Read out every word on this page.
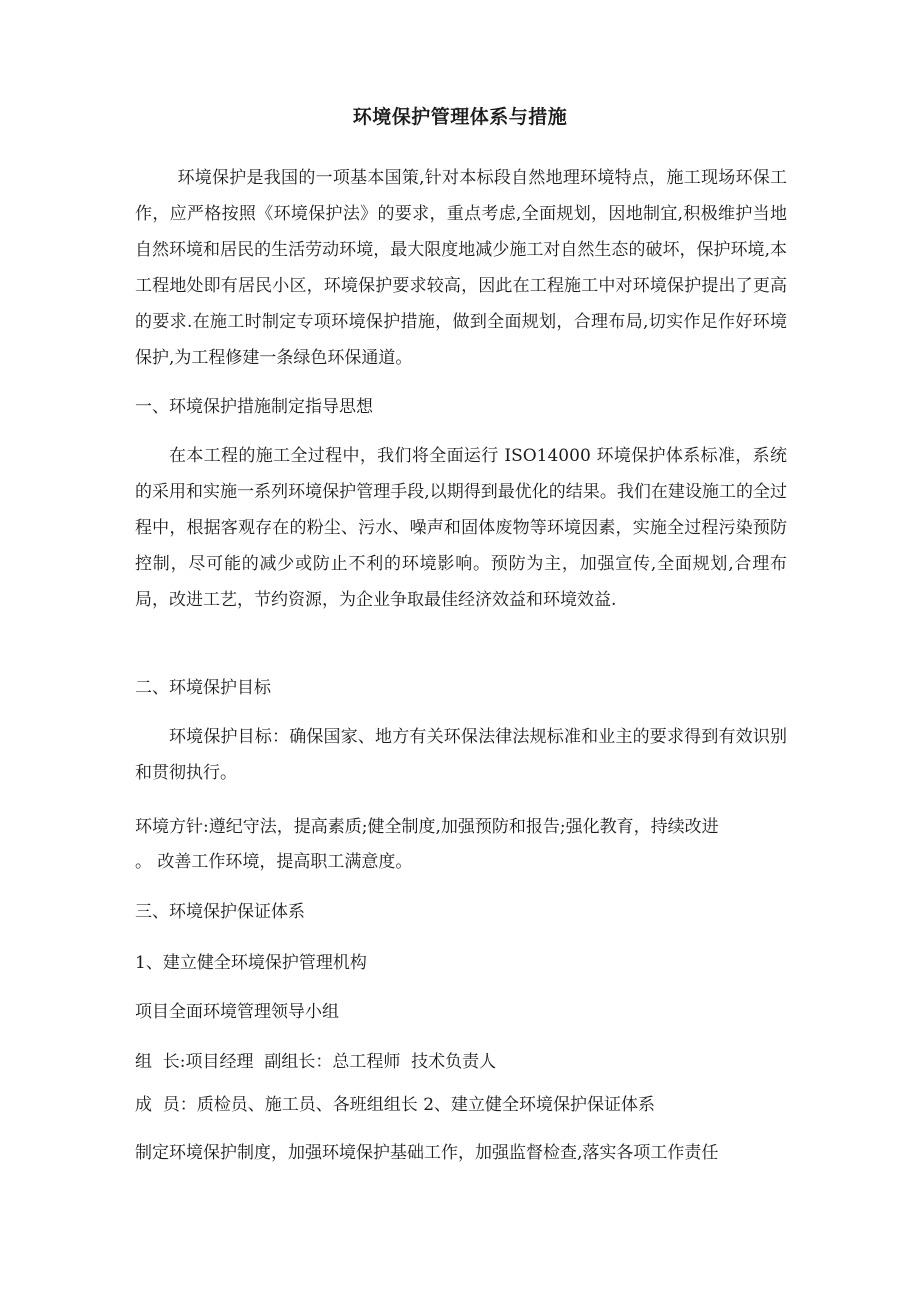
环境保护管理体系与措施
环境保护是我国的一项基本国策,针对本标段自然地理环境特点，施工现场环保工作，应严格按照《环境保护法》的要求，重点考虑,全面规划，因地制宜,积极维护当地自然环境和居民的生活劳动环境，最大限度地减少施工对自然生态的破坏，保护环境,本工程地处即有居民小区，环境保护要求较高，因此在工程施工中对环境保护提出了更高的要求.在施工时制定专项环境保护措施，做到全面规划，合理布局,切实作足作好环境保护,为工程修建一条绿色环保通道。
一、环境保护措施制定指导思想
在本工程的施工全过程中，我们将全面运行 ISO14000 环境保护体系标准，系统的采用和实施一系列环境保护管理手段,以期得到最优化的结果。我们在建设施工的全过程中，根据客观存在的粉尘、污水、噪声和固体废物等环境因素，实施全过程污染预防控制，尽可能的减少或防止不利的环境影响。预防为主，加强宣传,全面规划,合理布局，改进工艺，节约资源，为企业争取最佳经济效益和环境效益.
二、环境保护目标
环境保护目标：确保国家、地方有关环保法律法规标准和业主的要求得到有效识别和贯彻执行。
环境方针:遵纪守法，提高素质;健全制度,加强预防和报告;强化教育，持续改进
。 改善工作环境，提高职工满意度。
三、环境保护保证体系
1、建立健全环境保护管理机构
项目全面环境管理领导小组
组  长:项目经理  副组长：总工程师  技术负责人
成  员：质检员、施工员、各班组组长 2、建立健全环境保护保证体系
制定环境保护制度，加强环境保护基础工作，加强监督检查,落实各项工作责任
